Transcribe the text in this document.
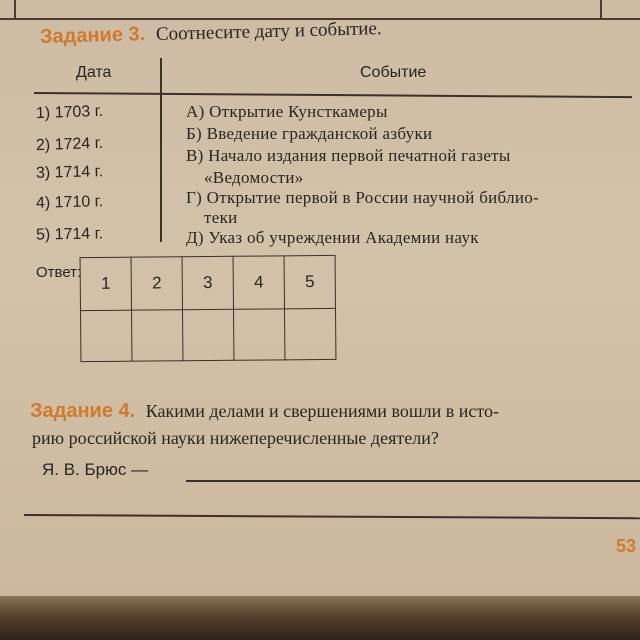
Задание 3. Соотнесите дату и событие.
Дата	Событие
1) 1703 г.
2) 1724 г.
3) 1714 г.
4) 1710 г.
5) 1714 г.
А) Открытие Кунсткамеры
Б) Введение гражданской азбуки
В) Начало издания первой печатной газеты
«Ведомости»
Г) Открытие первой в России научной библио-
теки
Д) Указ об учреждении Академии наук
Ответ:
1	2	3	4	5

Задание 4. Какими делами и свершениями вошли в исто-
рию российской науки нижеперечисленные деятели?
Я. В. Брюс —
53
